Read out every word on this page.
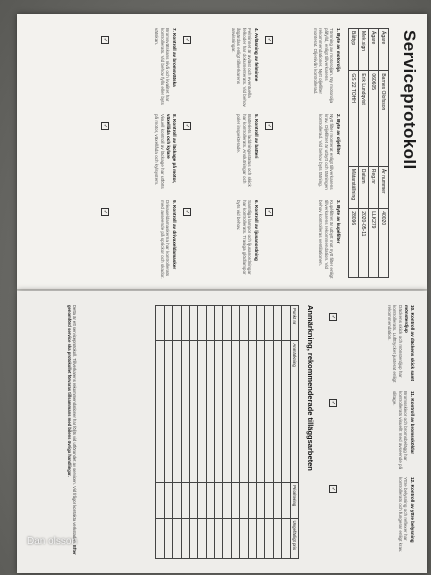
Serviceprotokoll
Ägare	Barnes Olofsson	År nummer	40020
Ägare	060605	Reg.nr	LLK279
Mek.sign	Erik Lundqvist	Datum	2020-05-11
Båttyp	GS 22 TOHH	Mätarställning	28096
1. Byte av motorolja
Tömning av motoroljan. Ny motorolja påfylld, enligt tillverkarens rekommendationer. Nytt oljefilter monterat. Oljenivån kontrollerad.
✓
2. Byte av oljefilter
Nytt filter monterat enligt tillverkarens krav. Oljefiltret är utbytt och tätningen kontrollerad. Vid behov byts tätning.
✓
3. Byte av kupéfilter
Kupéfiltret är utbytt mot nytt filter enligt tillverkarens rekommendation. Vid behov kontrolleras ventilationen.
✓
4. Avläsning av felminne
Felminnet är avläst och eventuella felkoder har dokumenterats. Vid behov åtgärdas enligt tillverkarens anvisningar.
✓
5. Kontroll av batteri
Batteriets laddningsstatus och skick har kontrollerats. Anslutningar och poler inspekterade.
✓
6. Kontroll av ljusanordning
Samtliga lampor och ljusanordningar har kontrollerats. Trasiga glödlampor byts vid behov.
✓
7. Kontroll av bromsvätska
Bromsvätskans nivå och kvalitet har kontrollerats. Vid behov fylls eller byts vätskan.
✓
8. Kontroll av läckage på motor, växellåda och kylare
Visuell kontroll av läckage har utförts på motor, växellåda och kylsystem.
✓
9. Kontroll av drivaxeldamasker
Drivaxeldamaskerna har kontrollerats med avseende på sprickor och skador.
✓
10. Kontroll av däckens skick samt mönsterdjup
Däckens skick och mönsterdjup har kontrollerats. Lufttrycket justerat enligt rekommendation.
✓
11. Kontroll av bromssköldar
Bromsskivor och bromsbelägg har kontrollerats visuellt med avseende på slitage.
✓
12. Kontroll av yttre belysning
Yttre belysning och reflexer har kontrollerats och fungerar enligt krav.
✓
Anmärkning, rekommenderade tilläggsarbeten
Punkt nr	Anmärkning	Prioritering	Ungefärligt pris

Detta är ett serviceprotokoll. Tillverkarens rekommendationer har följts vid utförandet av servicen. Vid frågor kontakta verkstaden. Efter genomförd service ska protokollet förvaras tillsammans med bilens övriga handlingar.
Dan olsson
